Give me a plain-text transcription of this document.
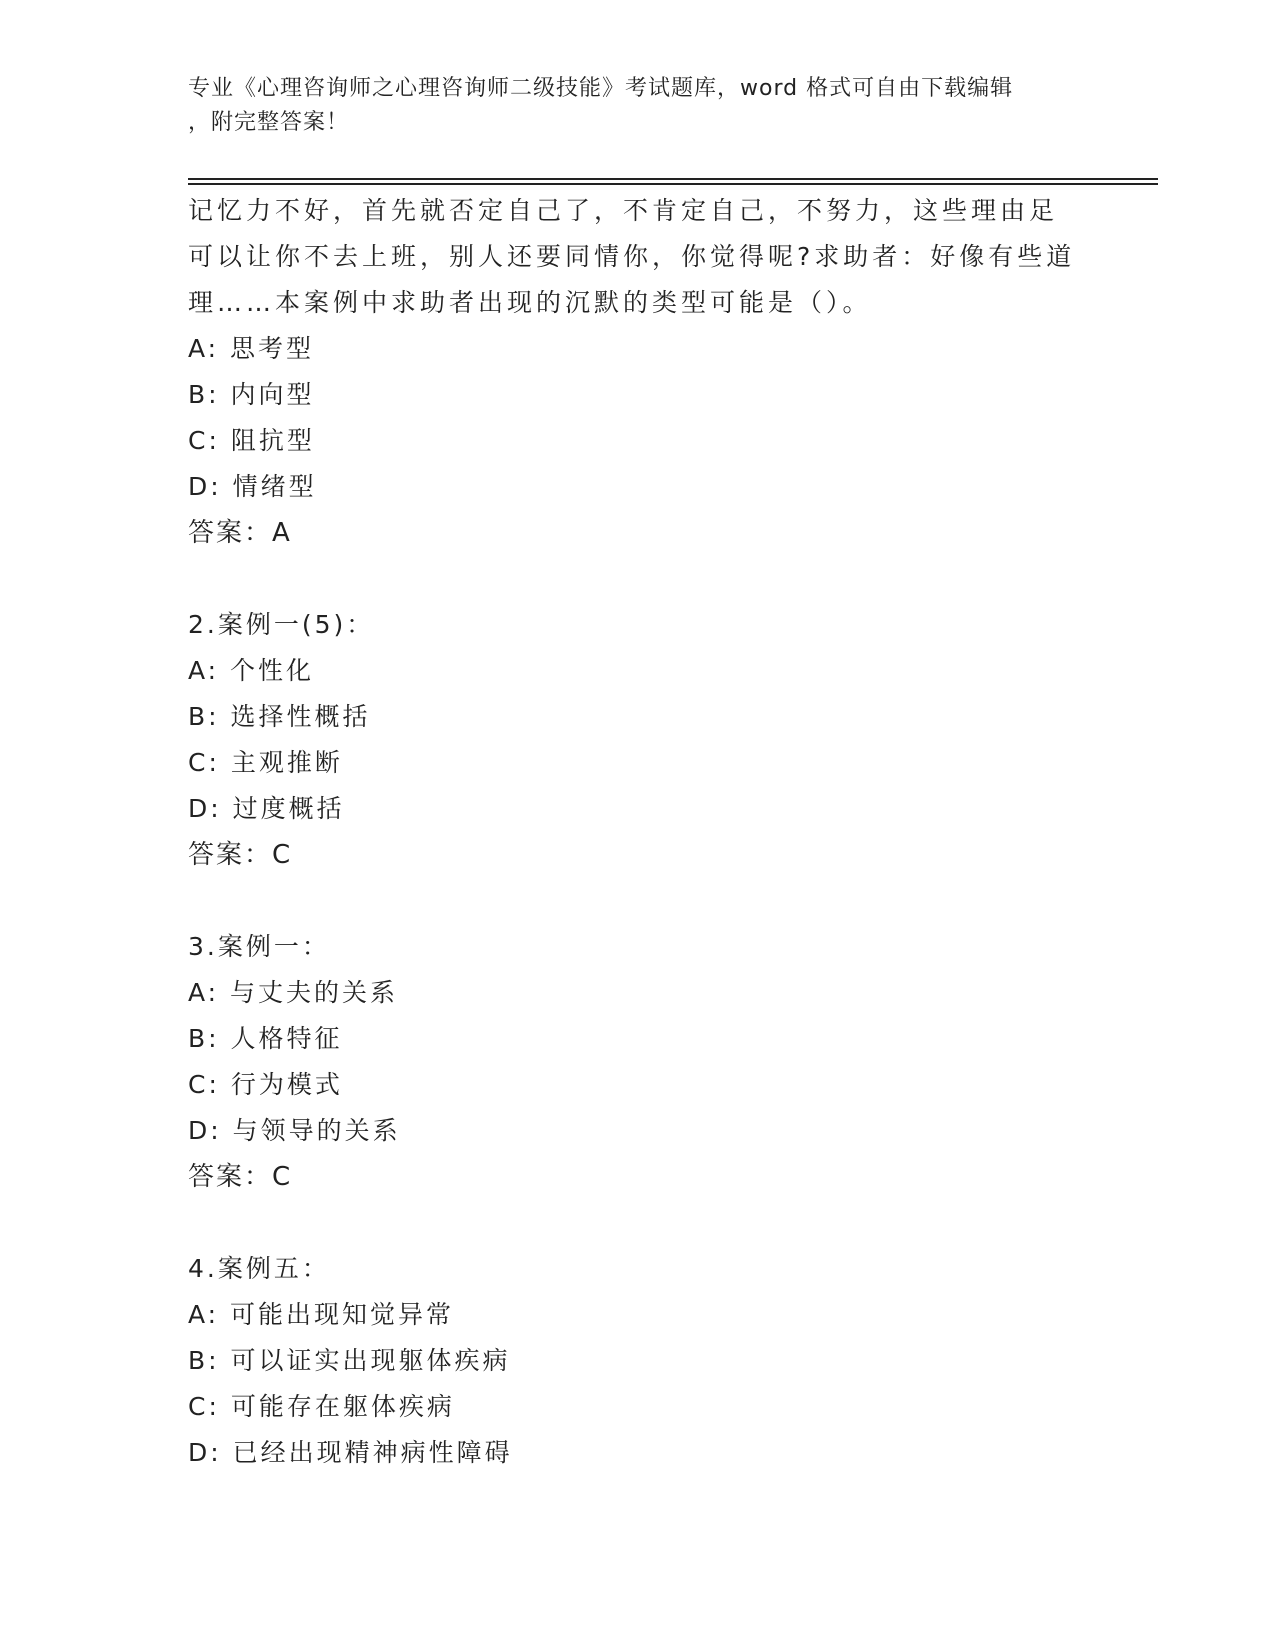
专业《心理咨询师之心理咨询师二级技能》考试题库，word 格式可自由下载编辑
，附完整答案！
记忆力不好，首先就否定自己了，不肯定自己，不努力，这些理由足
可以让你不去上班，别人还要同情你，你觉得呢?求助者：好像有些道
理……本案例中求助者出现的沉默的类型可能是（）。
A: 思考型
B: 内向型
C: 阻抗型
D: 情绪型
答案：A
2.案例一(5)：
A: 个性化
B: 选择性概括
C: 主观推断
D: 过度概括
答案：C
3.案例一：
A: 与丈夫的关系
B: 人格特征
C: 行为模式
D: 与领导的关系
答案：C
4.案例五：
A: 可能出现知觉异常
B: 可以证实出现躯体疾病
C: 可能存在躯体疾病
D: 已经出现精神病性障碍
